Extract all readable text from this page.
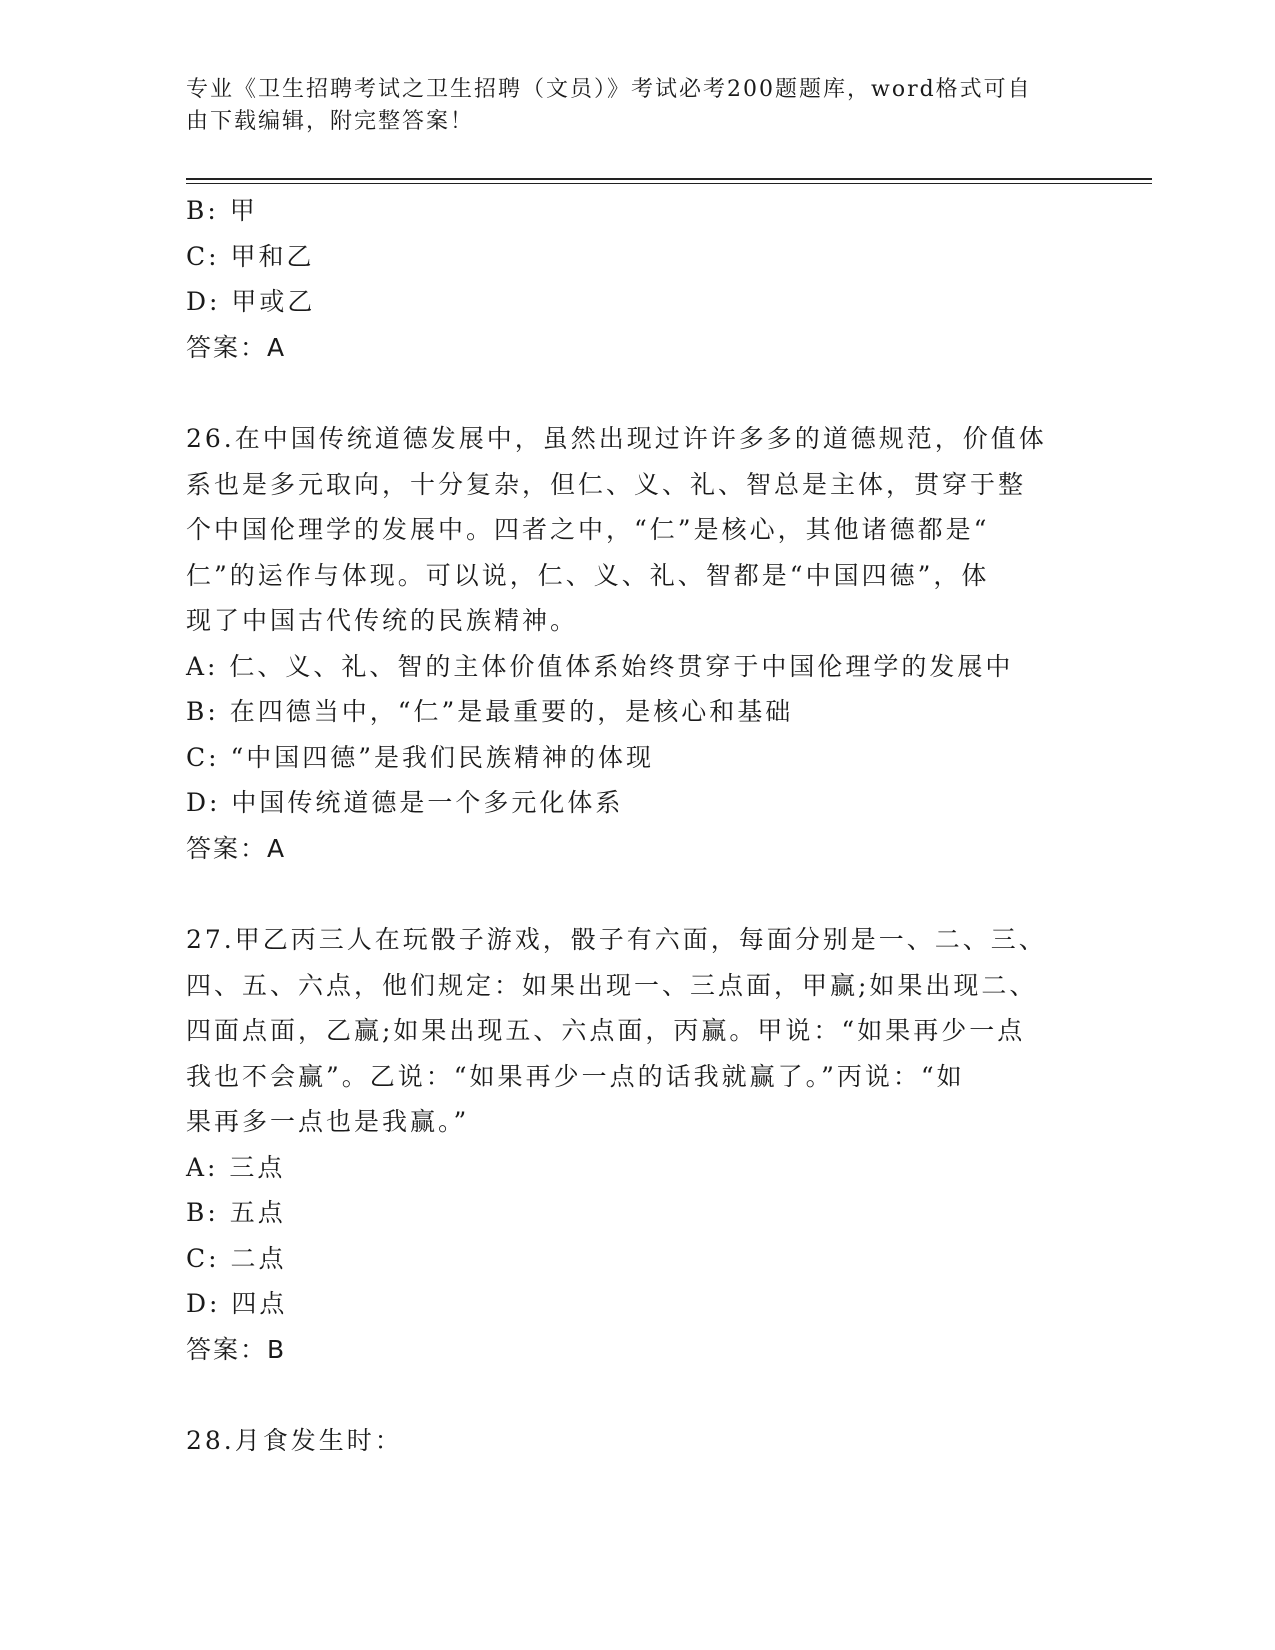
专业《卫生招聘考试之卫生招聘（文员）》考试必考200题题库，word格式可自
由下载编辑，附完整答案！
B: 甲
C: 甲和乙
D: 甲或乙
答案：A
26.在中国传统道德发展中，虽然出现过许许多多的道德规范，价值体
系也是多元取向，十分复杂，但仁、义、礼、智总是主体，贯穿于整
个中国伦理学的发展中。四者之中，“仁”是核心，其他诸德都是“
仁”的运作与体现。可以说，仁、义、礼、智都是“中国四德”，体
现了中国古代传统的民族精神。
A: 仁、义、礼、智的主体价值体系始终贯穿于中国伦理学的发展中
B: 在四德当中，“仁”是最重要的，是核心和基础
C: “中国四德”是我们民族精神的体现
D: 中国传统道德是一个多元化体系
答案：A
27.甲乙丙三人在玩骰子游戏，骰子有六面，每面分别是一、二、三、
四、五、六点，他们规定：如果出现一、三点面，甲赢;如果出现二、
四面点面，乙赢;如果出现五、六点面，丙赢。甲说：“如果再少一点
我也不会赢”。乙说：“如果再少一点的话我就赢了。”丙说：“如
果再多一点也是我赢。”
A: 三点
B: 五点
C: 二点
D: 四点
答案：B
28.月食发生时：
